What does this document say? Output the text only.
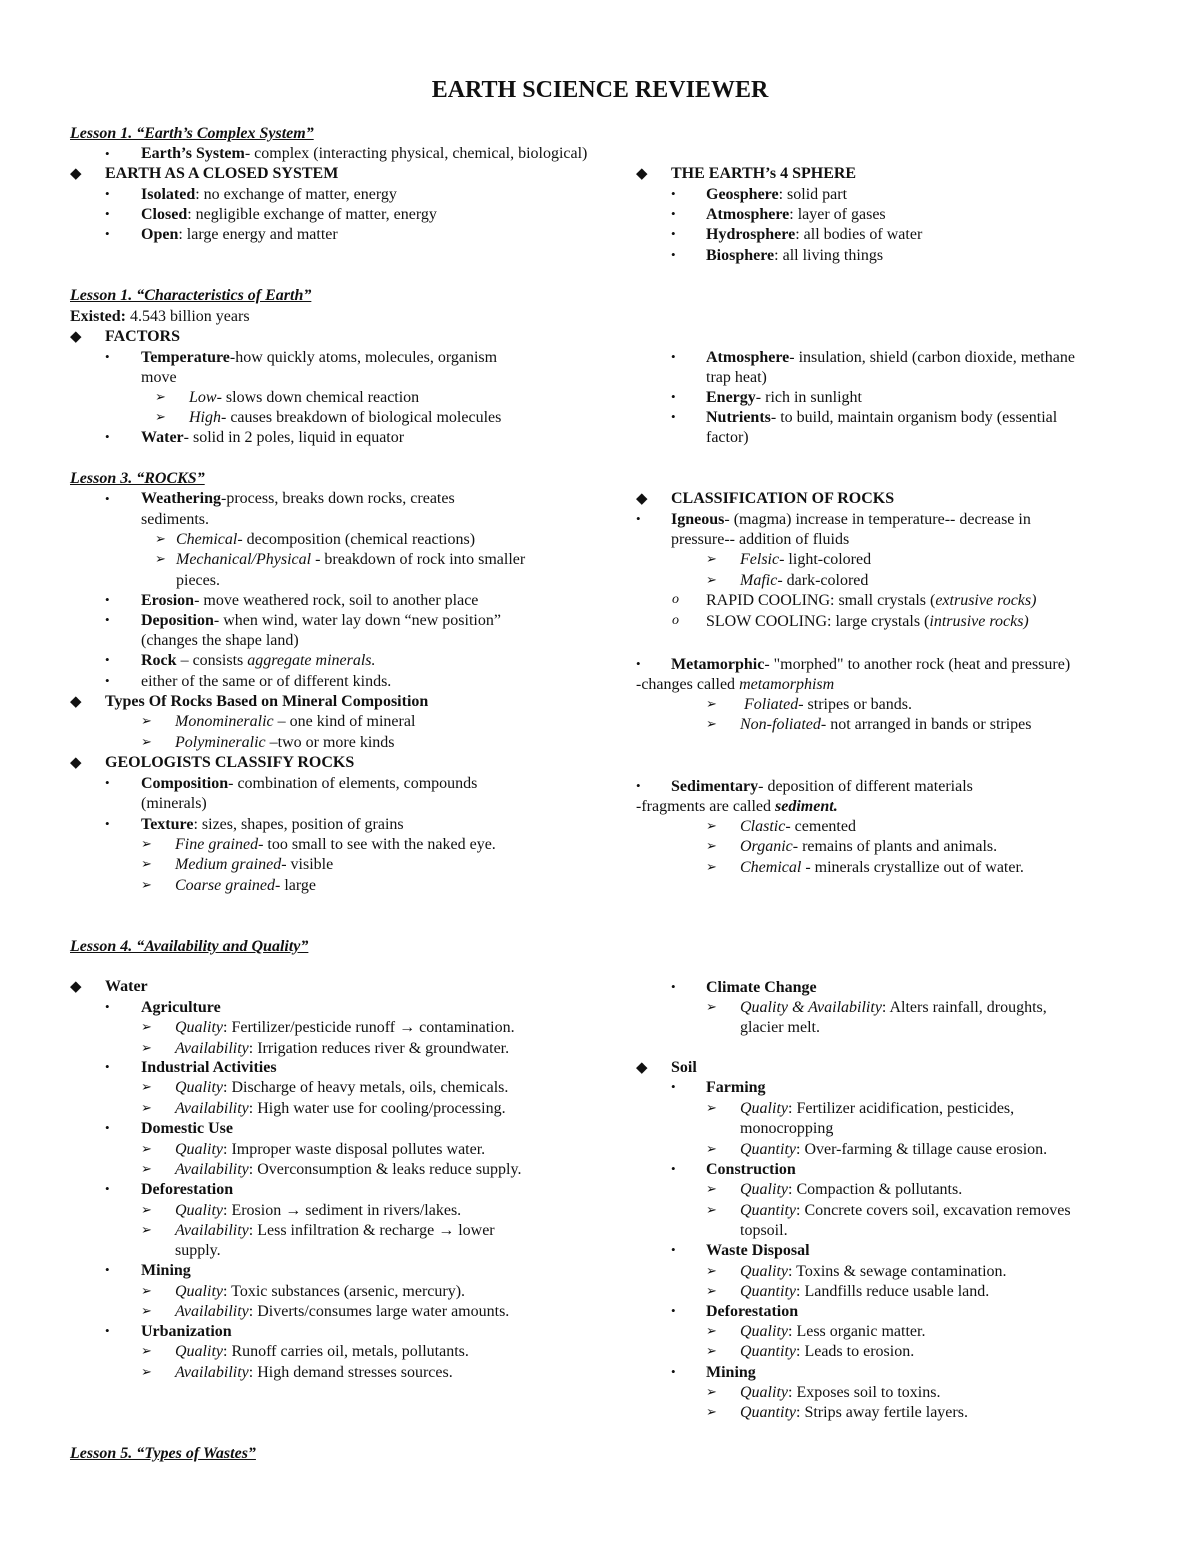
EARTH SCIENCE REVIEWER
Lesson 1. “Earth’s Complex System”
• Earth’s System- complex (interacting physical, chemical, biological)
◆ EARTH AS A CLOSED SYSTEM
• Isolated: no exchange of matter, energy
• Closed: negligible exchange of matter, energy
• Open: large energy and matter
◆ THE EARTH’s 4 SPHERE
• Geosphere: solid part
• Atmosphere: layer of gases
• Hydrosphere: all bodies of water
• Biosphere: all living things
Lesson 1. “Characteristics of Earth”
Existed: 4.543 billion years
◆ FACTORS
• Temperature-how quickly atoms, molecules, organism
move
➢ Low- slows down chemical reaction
➢ High- causes breakdown of biological molecules
• Water- solid in 2 poles, liquid in equator
• Atmosphere- insulation, shield (carbon dioxide, methane
trap heat)
• Energy- rich in sunlight
• Nutrients- to build, maintain organism body (essential
factor)
Lesson 3. “ROCKS”
• Weathering-process, breaks down rocks, creates
sediments.
➢ Chemical- decomposition (chemical reactions)
➢ Mechanical/Physical - breakdown of rock into smaller
pieces.
• Erosion- move weathered rock, soil to another place
• Deposition- when wind, water lay down “new position”
(changes the shape land)
• Rock – consists aggregate minerals.
• either of the same or of different kinds.
◆ Types Of Rocks Based on Mineral Composition
➢ Monomineralic – one kind of mineral
➢ Polymineralic –two or more kinds
◆ GEOLOGISTS CLASSIFY ROCKS
• Composition- combination of elements, compounds
(minerals)
• Texture: sizes, shapes, position of grains
➢ Fine grained- too small to see with the naked eye.
➢ Medium grained- visible
➢ Coarse grained- large
◆ CLASSIFICATION OF ROCKS
• Igneous- (magma) increase in temperature-- decrease in
pressure-- addition of fluids
➢ Felsic- light-colored
➢ Mafic- dark-colored
o RAPID COOLING: small crystals (extrusive rocks)
o SLOW COOLING: large crystals (intrusive rocks)
• Metamorphic- "morphed" to another rock (heat and pressure)
-changes called metamorphism
➢ Foliated- stripes or bands.
➢ Non-foliated- not arranged in bands or stripes
• Sedimentary- deposition of different materials
-fragments are called sediment.
➢ Clastic- cemented
➢ Organic- remains of plants and animals.
➢ Chemical - minerals crystallize out of water.
Lesson 4. “Availability and Quality”
◆ Water
• Agriculture
➢ Quality: Fertilizer/pesticide runoff → contamination.
➢ Availability: Irrigation reduces river & groundwater.
• Industrial Activities
➢ Quality: Discharge of heavy metals, oils, chemicals.
➢ Availability: High water use for cooling/processing.
• Domestic Use
➢ Quality: Improper waste disposal pollutes water.
➢ Availability: Overconsumption & leaks reduce supply.
• Deforestation
➢ Quality: Erosion → sediment in rivers/lakes.
➢ Availability: Less infiltration & recharge → lower
supply.
• Mining
➢ Quality: Toxic substances (arsenic, mercury).
➢ Availability: Diverts/consumes large water amounts.
• Urbanization
➢ Quality: Runoff carries oil, metals, pollutants.
➢ Availability: High demand stresses sources.
• Climate Change
➢ Quality & Availability: Alters rainfall, droughts,
glacier melt.
◆ Soil
• Farming
➢ Quality: Fertilizer acidification, pesticides,
monocropping
➢ Quantity: Over-farming & tillage cause erosion.
• Construction
➢ Quality: Compaction & pollutants.
➢ Quantity: Concrete covers soil, excavation removes
topsoil.
• Waste Disposal
➢ Quality: Toxins & sewage contamination.
➢ Quantity: Landfills reduce usable land.
• Deforestation
➢ Quality: Less organic matter.
➢ Quantity: Leads to erosion.
• Mining
➢ Quality: Exposes soil to toxins.
➢ Quantity: Strips away fertile layers.
Lesson 5. “Types of Wastes”
